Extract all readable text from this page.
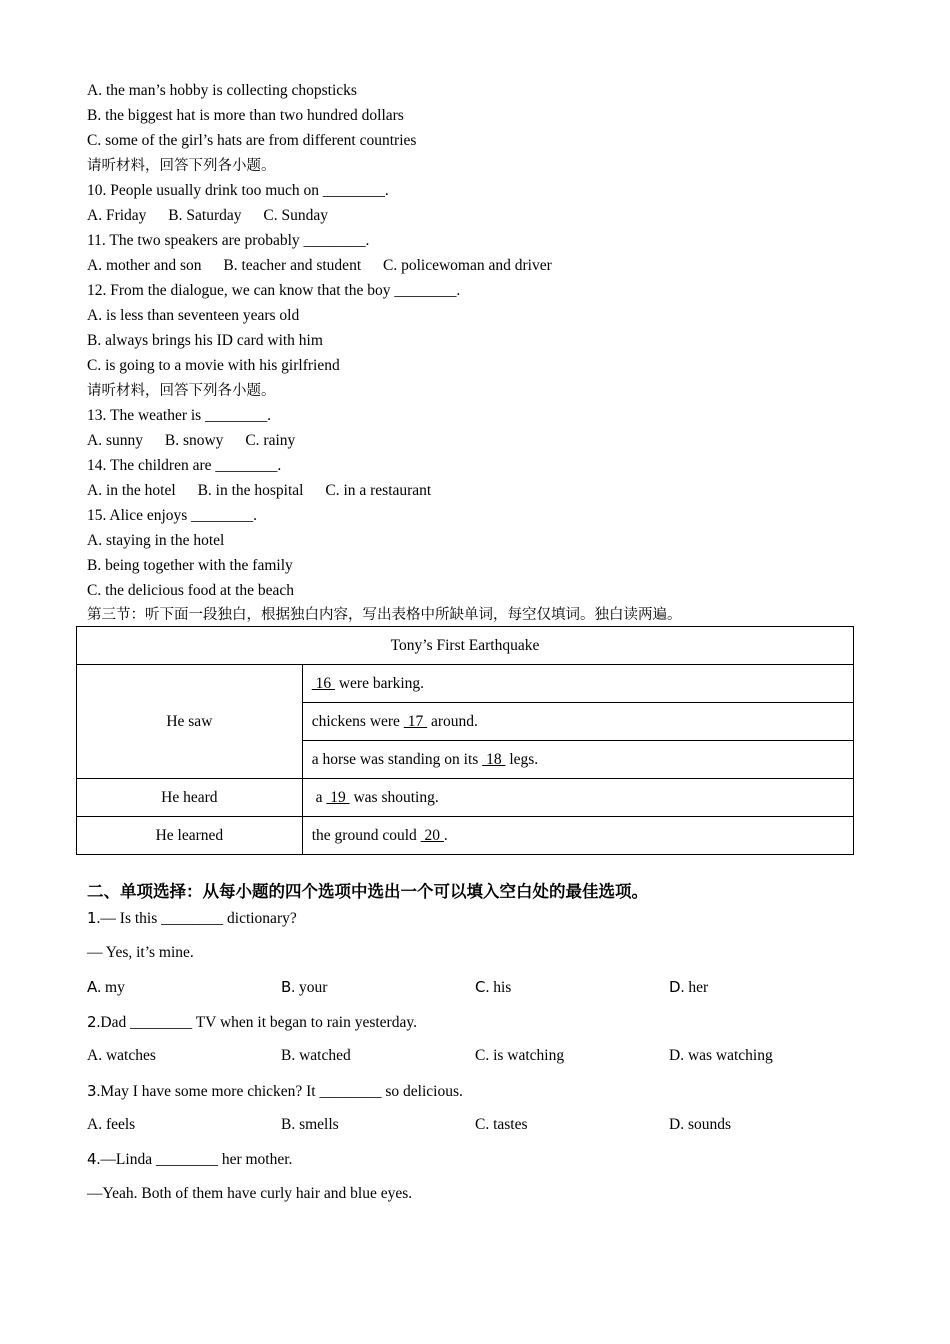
A. the man’s hobby is collecting chopsticks
B. the biggest hat is more than two hundred dollars
C. some of the girl’s hats are from different countries
请听材料，回答下列各小题。
10. People usually drink too much on ________.
A. Friday B. Saturday C. Sunday
11. The two speakers are probably ________.
A. mother and son B. teacher and student C. policewoman and driver
12. From the dialogue, we can know that the boy ________.
A. is less than seventeen years old
B. always brings his ID card with him
C. is going to a movie with his girlfriend
请听材料，回答下列各小题。
13. The weather is ________.
A. sunny B. snowy C. rainy
14. The children are ________.
A. in the hotel B. in the hospital C. in a restaurant
15. Alice enjoys ________.
A. staying in the hotel
B. being together with the family
C. the delicious food at the beach
第三节：听下面一段独白，根据独白内容，写出表格中所缺单词，每空仅填词。独白读两遍。
Tony’s First Earthquake	
He saw	16  were barking.
	chickens were  17  around.
	a horse was standing on its  18  legs.
He heard	a  19  was shouting.
He learned	the ground could  20 .
二、单项选择：从每小题的四个选项中选出一个可以填入空白处的最佳选项。
1.— Is this ________ dictionary?
— Yes, it’s mine.
A. my	B. your	C. his	D. her
2.Dad ________ TV when it began to rain yesterday.
A. watches	B. watched	C. is watching	D. was watching
3.May I have some more chicken? It ________ so delicious.
A. feels	B. smells	C. tastes	D. sounds
4.—Linda ________ her mother.
—Yeah. Both of them have curly hair and blue eyes.
